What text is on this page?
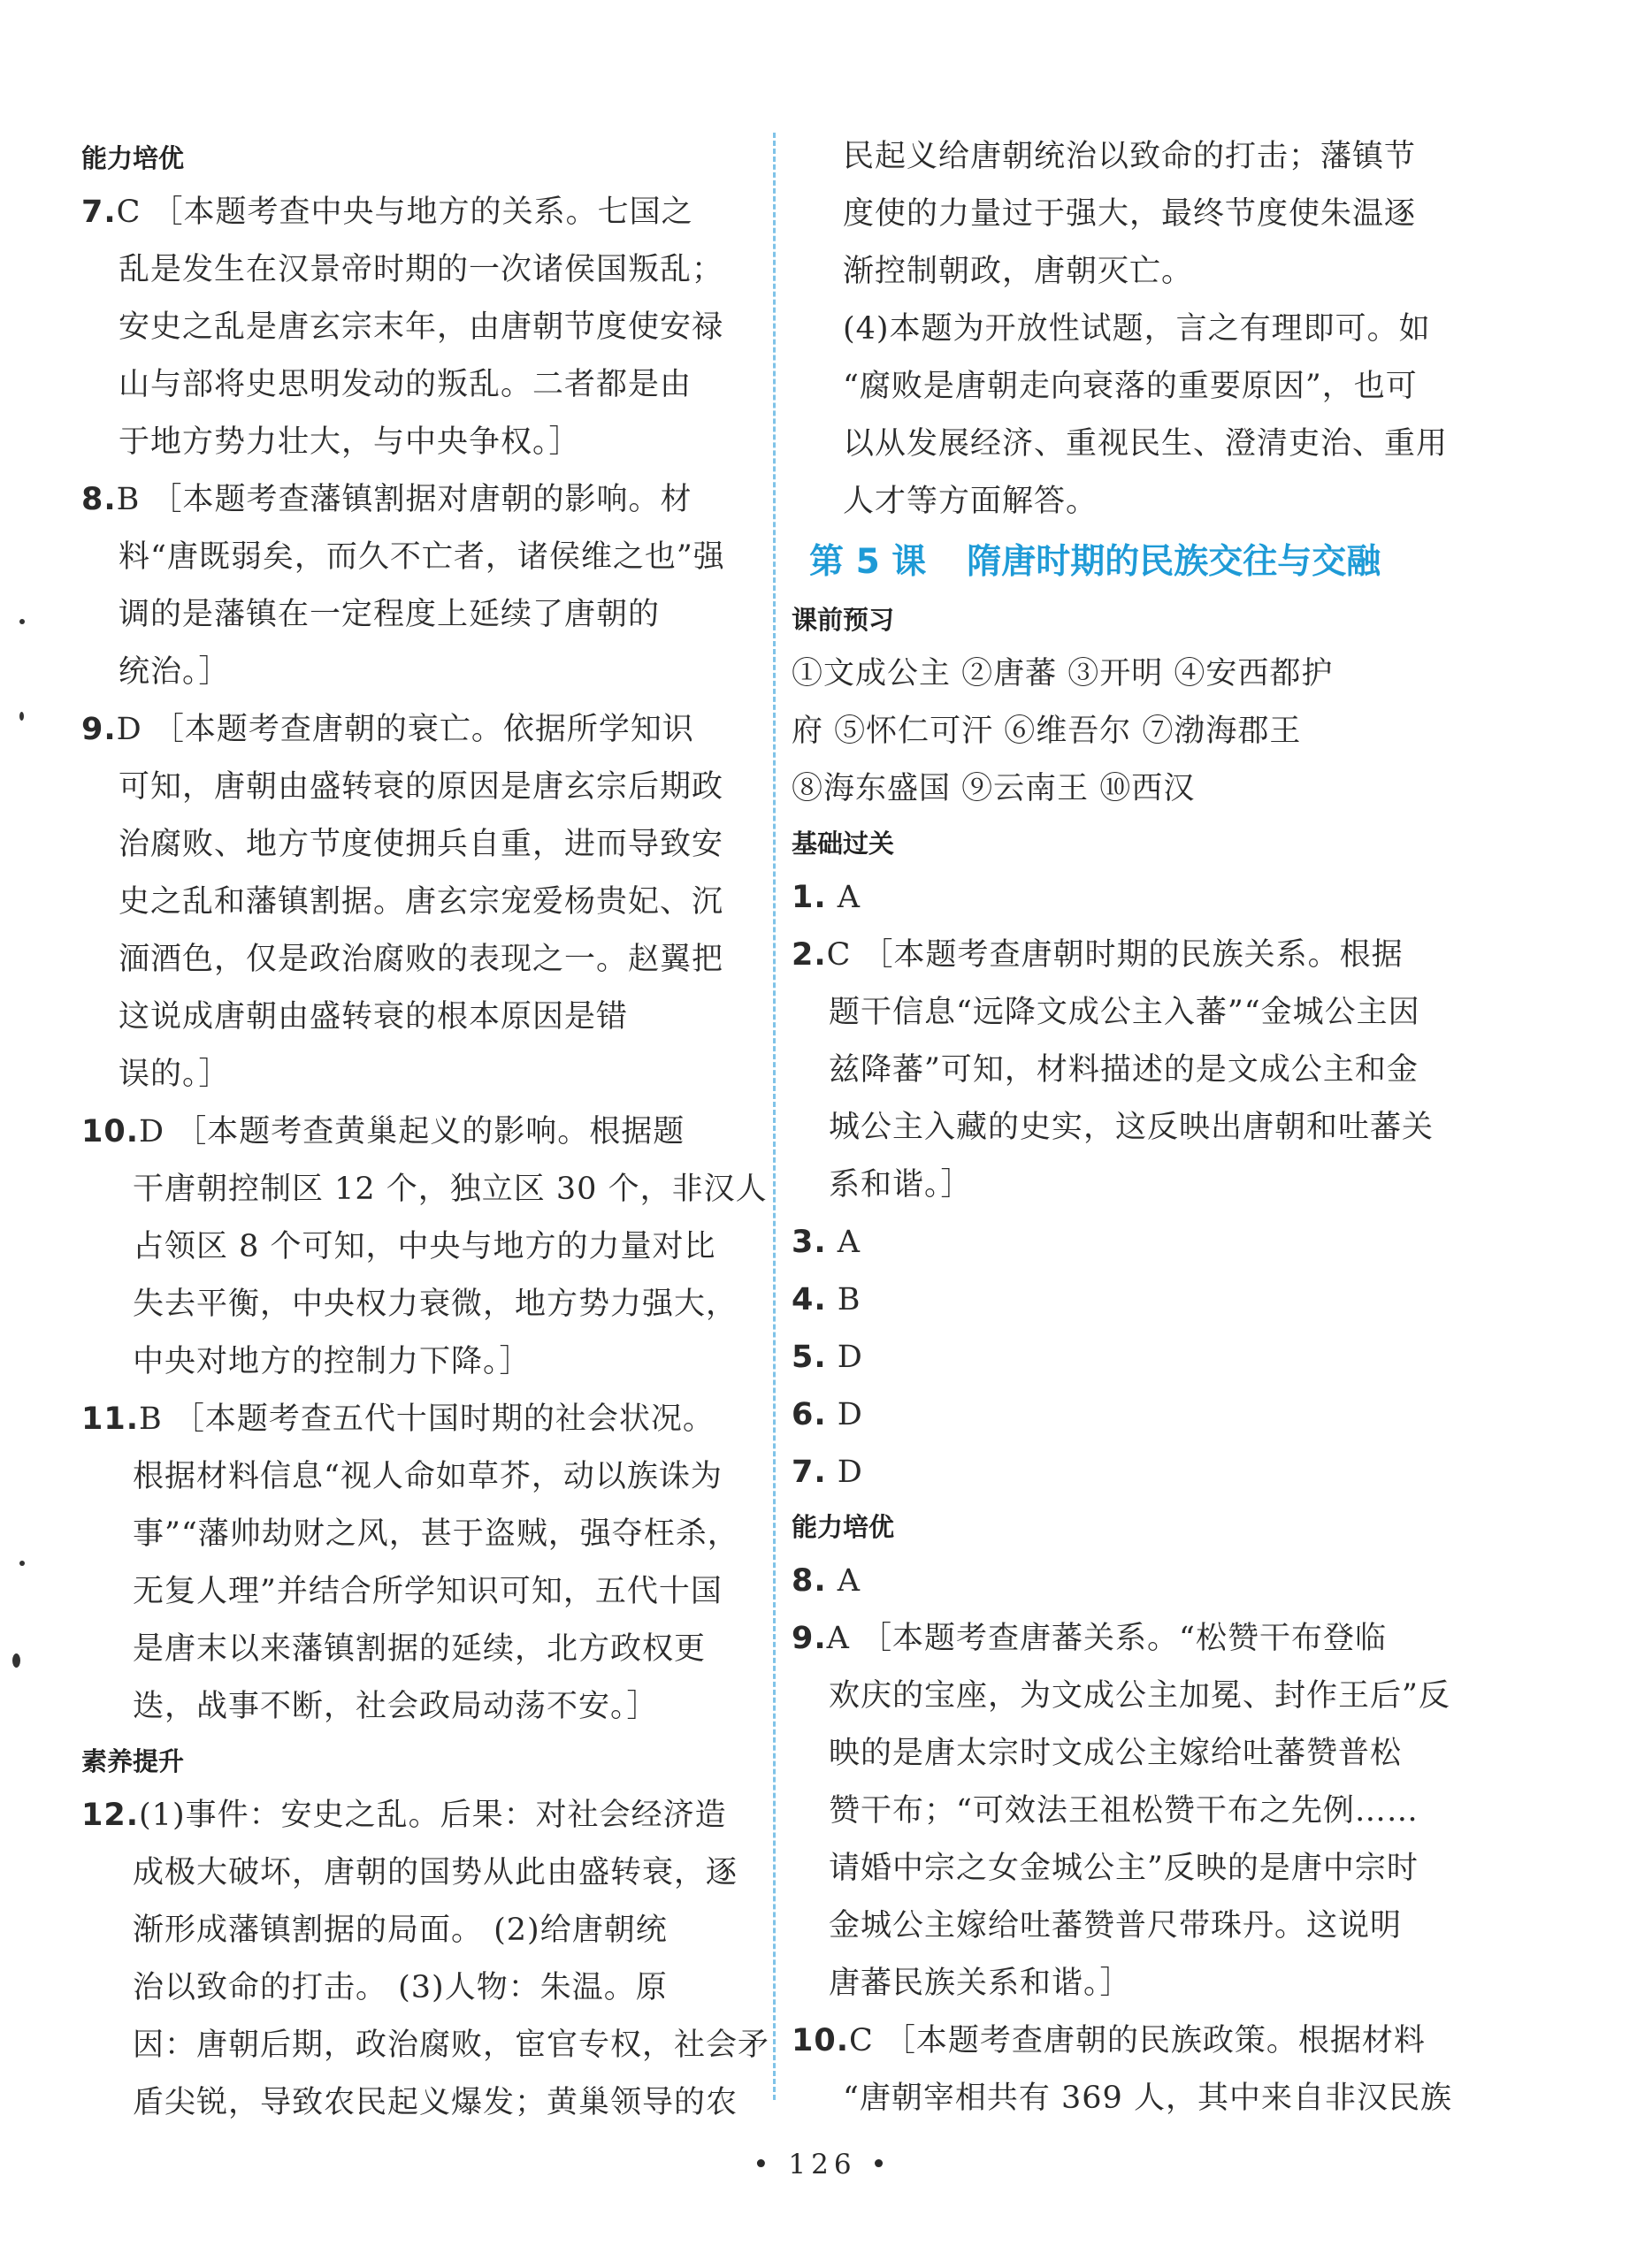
能力培优
7.C ［本题考查中央与地方的关系。七国之
乱是发生在汉景帝时期的一次诸侯国叛乱；
安史之乱是唐玄宗末年，由唐朝节度使安禄
山与部将史思明发动的叛乱。二者都是由
于地方势力壮大，与中央争权。］
8.B ［本题考查藩镇割据对唐朝的影响。材
料“唐既弱矣，而久不亡者，诸侯维之也”强
调的是藩镇在一定程度上延续了唐朝的
统治。］
9.D ［本题考查唐朝的衰亡。依据所学知识
可知，唐朝由盛转衰的原因是唐玄宗后期政
治腐败、地方节度使拥兵自重，进而导致安
史之乱和藩镇割据。唐玄宗宠爱杨贵妃、沉
湎酒色，仅是政治腐败的表现之一。赵翼把
这说成唐朝由盛转衰的根本原因是错
误的。］
10.D ［本题考查黄巢起义的影响。根据题
干唐朝控制区 12 个，独立区 30 个，非汉人
占领区 8 个可知，中央与地方的力量对比
失去平衡，中央权力衰微，地方势力强大，
中央对地方的控制力下降。］
11.B ［本题考查五代十国时期的社会状况。
根据材料信息“视人命如草芥，动以族诛为
事”“藩帅劫财之风，甚于盗贼，强夺枉杀，
无复人理”并结合所学知识可知，五代十国
是唐末以来藩镇割据的延续，北方政权更
迭，战事不断，社会政局动荡不安。］
素养提升
12.(1)事件：安史之乱。后果：对社会经济造
成极大破坏，唐朝的国势从此由盛转衰，逐
渐形成藩镇割据的局面。 (2)给唐朝统
治以致命的打击。 (3)人物：朱温。原
因：唐朝后期，政治腐败，宦官专权，社会矛
盾尖锐，导致农民起义爆发；黄巢领导的农
民起义给唐朝统治以致命的打击；藩镇节
度使的力量过于强大，最终节度使朱温逐
渐控制朝政，唐朝灭亡。
(4)本题为开放性试题，言之有理即可。如
“腐败是唐朝走向衰落的重要原因”，也可
以从发展经济、重视民生、澄清吏治、重用
人才等方面解答。
第 5 课 隋唐时期的民族交往与交融
课前预习
①文成公主 ②唐蕃 ③开明 ④安西都护
府 ⑤怀仁可汗 ⑥维吾尔 ⑦渤海郡王
⑧海东盛国 ⑨云南王 ⑩西汉
基础过关
1. A
2.C ［本题考查唐朝时期的民族关系。根据
题干信息“远降文成公主入蕃”“金城公主因
兹降蕃”可知，材料描述的是文成公主和金
城公主入藏的史实，这反映出唐朝和吐蕃关
系和谐。］
3. A
4. B
5. D
6. D
7. D
能力培优
8. A
9.A ［本题考查唐蕃关系。“松赞干布登临
欢庆的宝座，为文成公主加冕、封作王后”反
映的是唐太宗时文成公主嫁给吐蕃赞普松
赞干布；“可效法王祖松赞干布之先例……
请婚中宗之女金城公主”反映的是唐中宗时
金城公主嫁给吐蕃赞普尺带珠丹。这说明
唐蕃民族关系和谐。］
10.C ［本题考查唐朝的民族政策。根据材料
“唐朝宰相共有 369 人，其中来自非汉民族
• 126 •
